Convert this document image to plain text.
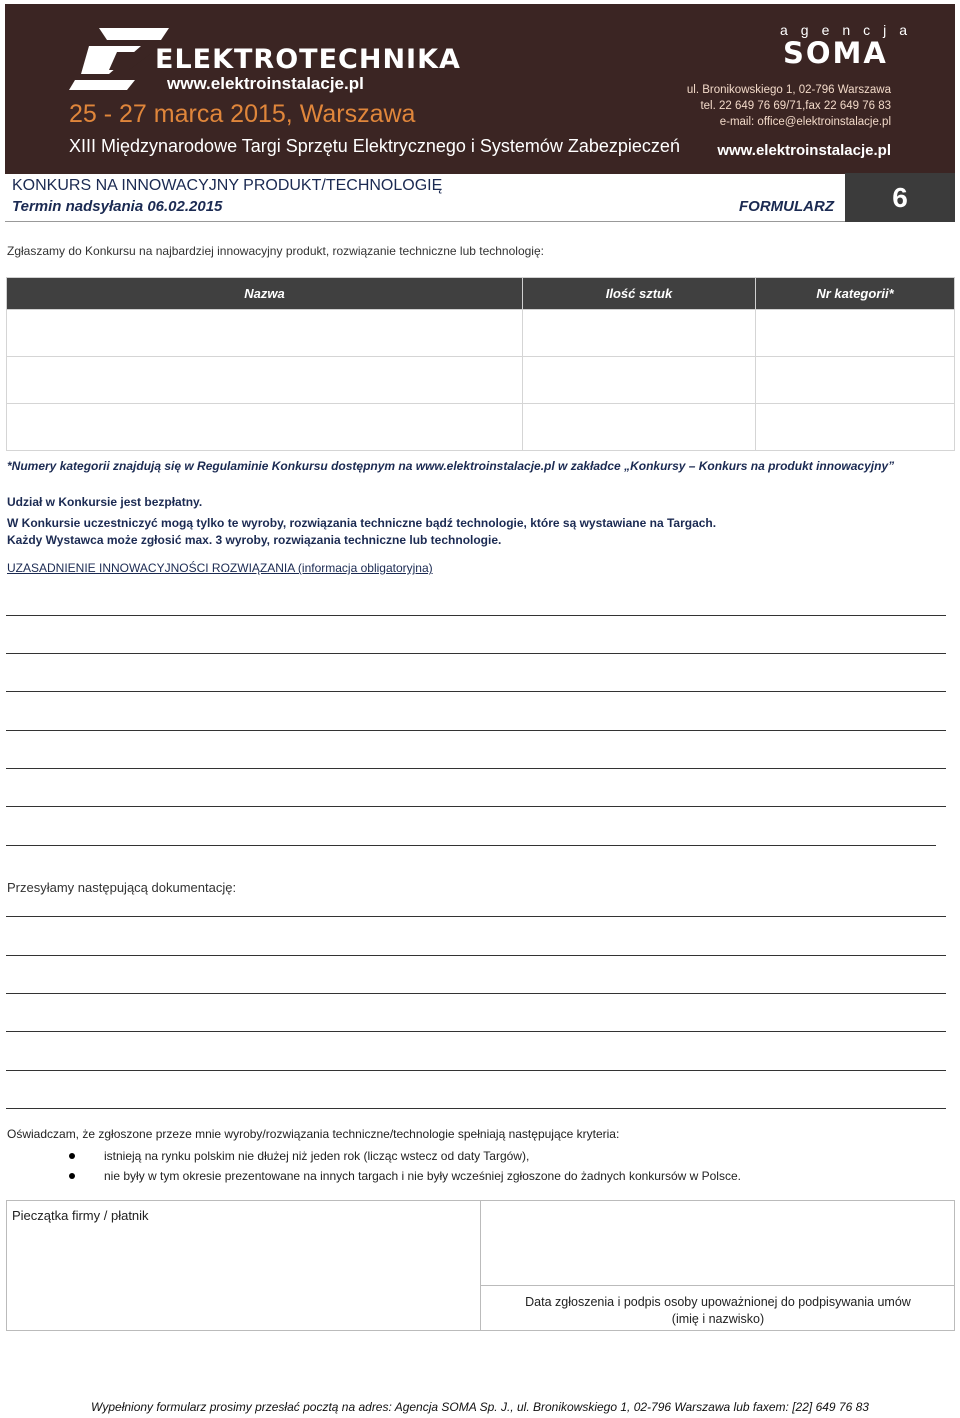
ELEKTROTECHNIKA
www.elektroinstalacje.pl
25 - 27 marca 2015, Warszawa
XIII Międzynarodowe Targi Sprzętu Elektrycznego i Systemów Zabezpieczeń
agencja
SOMA
ul. Bronikowskiego 1, 02-796 Warszawa
tel. 22 649 76 69/71,fax 22 649 76 83
e-mail: office@elektroinstalacje.pl
www.elektroinstalacje.pl
KONKURS NA INNOWACYJNY PRODUKT/TECHNOLOGIĘ
Termin nadsyłania 06.02.2015	FORMULARZ	6
Zgłaszamy do Konkursu na najbardziej innowacyjny produkt, rozwiązanie techniczne lub technologię:
Nazwa	Ilość sztuk	Nr kategorii*

*Numery kategorii znajdują się w Regulaminie Konkursu dostępnym na www.elektroinstalacje.pl w zakładce „Konkursy – Konkurs na produkt innowacyjny”
Udział w Konkursie jest bezpłatny.
W Konkursie uczestniczyć mogą tylko te wyroby, rozwiązania techniczne bądź technologie, które są wystawiane na Targach.
Każdy Wystawca może zgłosić max. 3 wyroby, rozwiązania techniczne lub technologie.
UZASADNIENIE INNOWACYJNOŚCI ROZWIĄZANIA (informacja obligatoryjna)
Przesyłamy następującą dokumentację:
Oświadczam, że zgłoszone przeze mnie wyroby/rozwiązania techniczne/technologie spełniają następujące kryteria:
istnieją na rynku polskim nie dłużej niż jeden rok (licząc wstecz od daty Targów),
nie były w tym okresie prezentowane na innych targach i nie były wcześniej zgłoszone do żadnych konkursów w Polsce.
Pieczątka firmy / płatnik
Data zgłoszenia i podpis osoby upoważnionej do podpisywania umów
(imię i nazwisko)
Wypełniony formularz prosimy przesłać pocztą na adres: Agencja SOMA Sp. J., ul. Bronikowskiego 1, 02-796 Warszawa lub faxem: [22] 649 76 83
